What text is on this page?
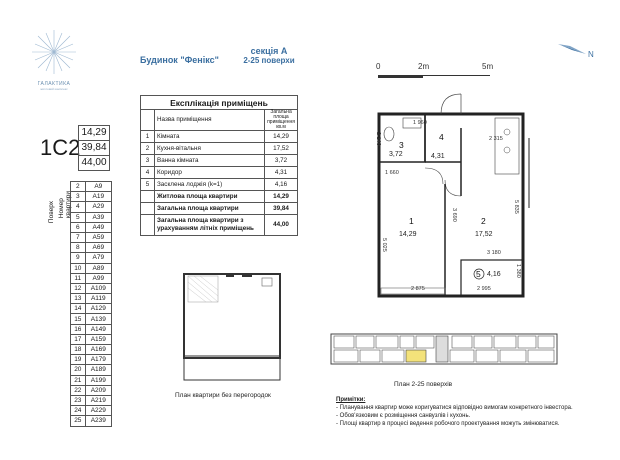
ГАЛАКТИКА
житловий комплекс
Будинок "Фенікс"
секція А
2-25 поверхи
0	2m	5m
N
Експлікація приміщень		
	Назва приміщення	Загальна площа приміщення кв.м
1	Кімната	14,29
2	Кухня-вітальня	17,52
3	Ванна кімната	3,72
4	Коридор	4,31
5	Засклена лоджія (k=1)	4,16
	Житлова площа квартири	14,29
	Загальна площа квартири	39,84
	Загальна площа квартири з
урахуванням літніх приміщень	44,00
1C2
14,29
39,84
44,00
Поверх Номер квартири
2	A9
3	A19
4	A29
5	A39
6	A49
7	A59
8	A69
9	A79
10	A89
11	A99
12	A109
13	A119
14	A129
15	A139
16	A149
17	A159
18	A169
19	A179
20	A189
21	A199
22	A209
23	A219
24	A229
25	A239
План квартири без перегородок
3
3,72
4
4,31
1
14,29
2
17,52
5 4,16
1 960
2 315
1 660
5 835
5 025
3 690
2 140
3 180
1 380
2 875	2 995
План 2-25 поверхів
Примітки:
- Планування квартир може коригуватися відповідно вимогам конкретного інвестора.
- Обов'язковим є розміщення санвузлів і кухонь.
- Площі квартир в процесі ведення робочого проектування можуть змінюватися.
